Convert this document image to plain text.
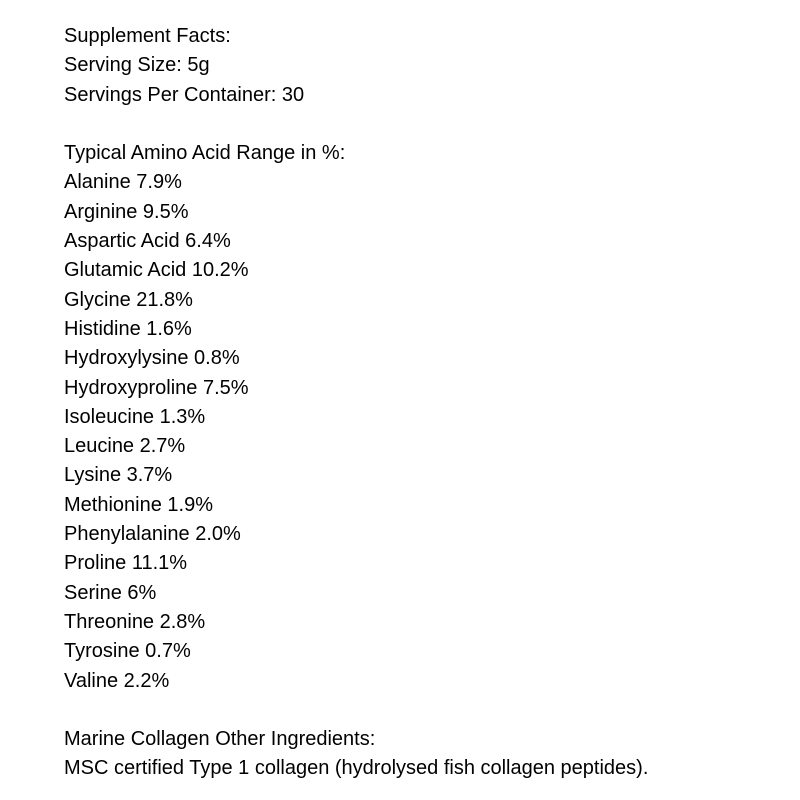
Supplement Facts:
Serving Size: 5g
Servings Per Container: 30
Typical Amino Acid Range in %:
Alanine 7.9%
Arginine 9.5%
Aspartic Acid 6.4%
Glutamic Acid 10.2%
Glycine 21.8%
Histidine 1.6%
Hydroxylysine 0.8%
Hydroxyproline 7.5%
Isoleucine 1.3%
Leucine 2.7%
Lysine 3.7%
Methionine 1.9%
Phenylalanine 2.0%
Proline 11.1%
Serine 6%
Threonine 2.8%
Tyrosine 0.7%
Valine 2.2%
Marine Collagen Other Ingredients:
MSC certified Type 1 collagen (hydrolysed fish collagen peptides).
